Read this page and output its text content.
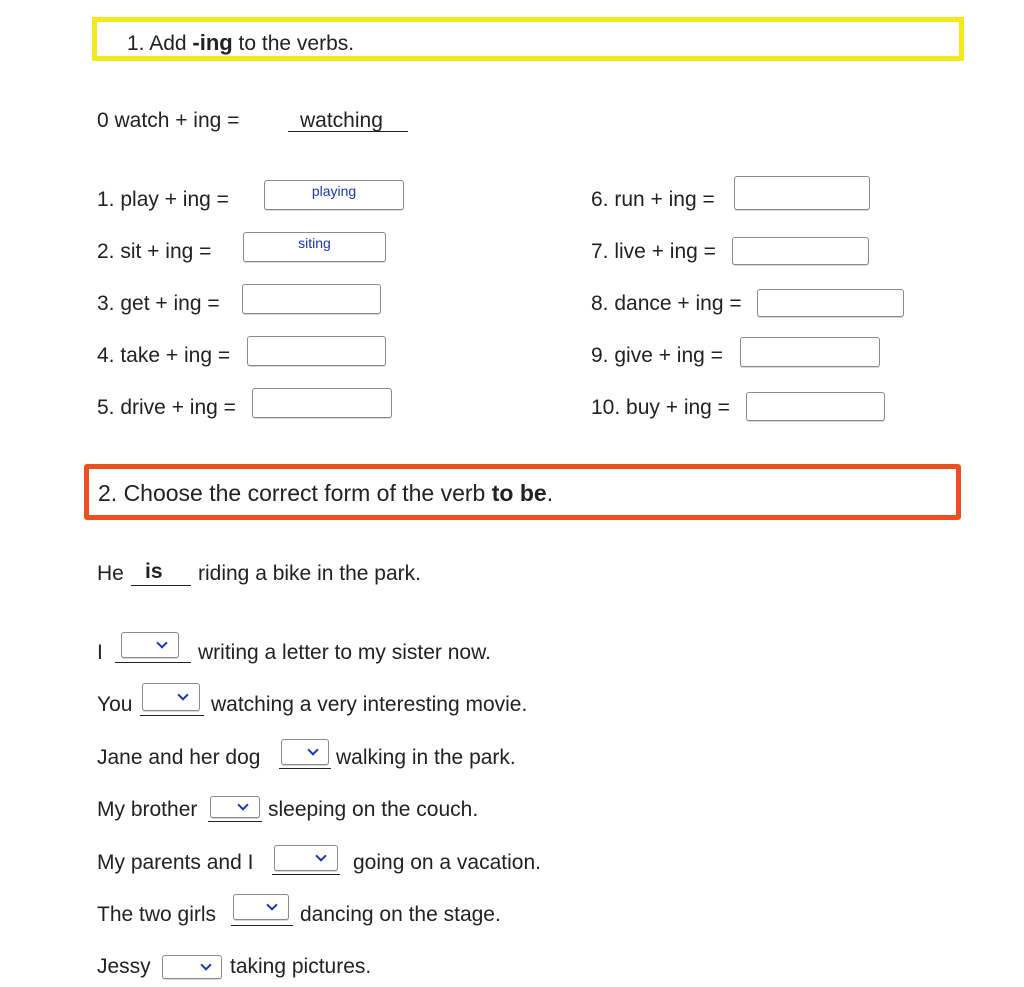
1. Add -ing to the verbs.
0 watch + ing =	watching
1. play + ing =	playing
2. sit + ing =	siting
3. get + ing =
4. take + ing =
5. drive + ing =
6. run + ing =
7. live + ing =
8. dance + ing =
9. give + ing =
10. buy + ing =
2. Choose the correct form of the verb to be.
He is riding a bike in the park.
I	writing a letter to my sister now.
You	watching a very interesting movie.
Jane and her dog	walking in the park.
My brother	sleeping on the couch.
My parents and I	going on a vacation.
The two girls	dancing on the stage.
Jessy	taking pictures.
